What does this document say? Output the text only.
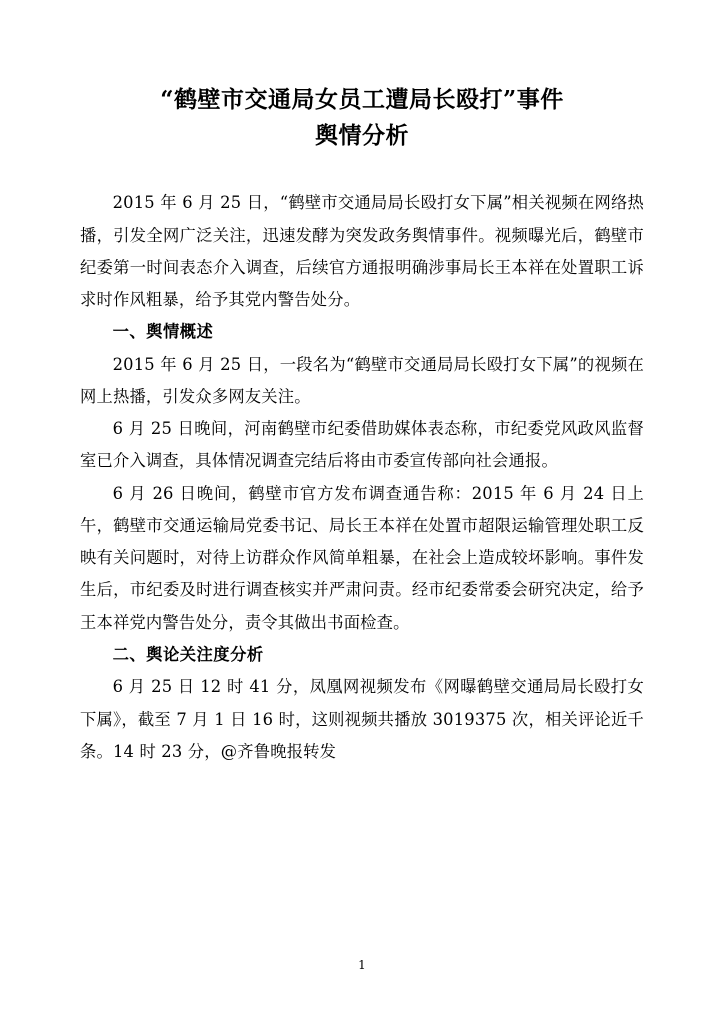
“鹤壁市交通局女员工遭局长殴打”事件
舆情分析

2015 年 6 月 25 日，“鹤壁市交通局局长殴打女下属”相关视频在网络热播，引发全网广泛关注，迅速发酵为突发政务舆情事件。视频曝光后，鹤壁市纪委第一时间表态介入调查，后续官方通报明确涉事局长王本祥在处置职工诉求时作风粗暴，给予其党内警告处分。

一、舆情概述

2015 年 6 月 25 日，一段名为“鹤壁市交通局局长殴打女下属”的视频在网上热播，引发众多网友关注。

6 月 25 日晚间，河南鹤壁市纪委借助媒体表态称，市纪委党风政风监督室已介入调查，具体情况调查完结后将由市委宣传部向社会通报。

6 月 26 日晚间，鹤壁市官方发布调查通告称：2015 年 6 月 24 日上午，鹤壁市交通运输局党委书记、局长王本祥在处置市超限运输管理处职工反映有关问题时，对待上访群众作风简单粗暴，在社会上造成较坏影响。事件发生后，市纪委及时进行调查核实并严肃问责。经市纪委常委会研究决定，给予王本祥党内警告处分，责令其做出书面检查。

二、舆论关注度分析

6 月 25 日 12 时 41 分，凤凰网视频发布《网曝鹤壁交通局局长殴打女下属》，截至 7 月 1 日 16 时，这则视频共播放 3019375 次，相关评论近千条。14 时 23 分，@齐鲁晚报转发

1
